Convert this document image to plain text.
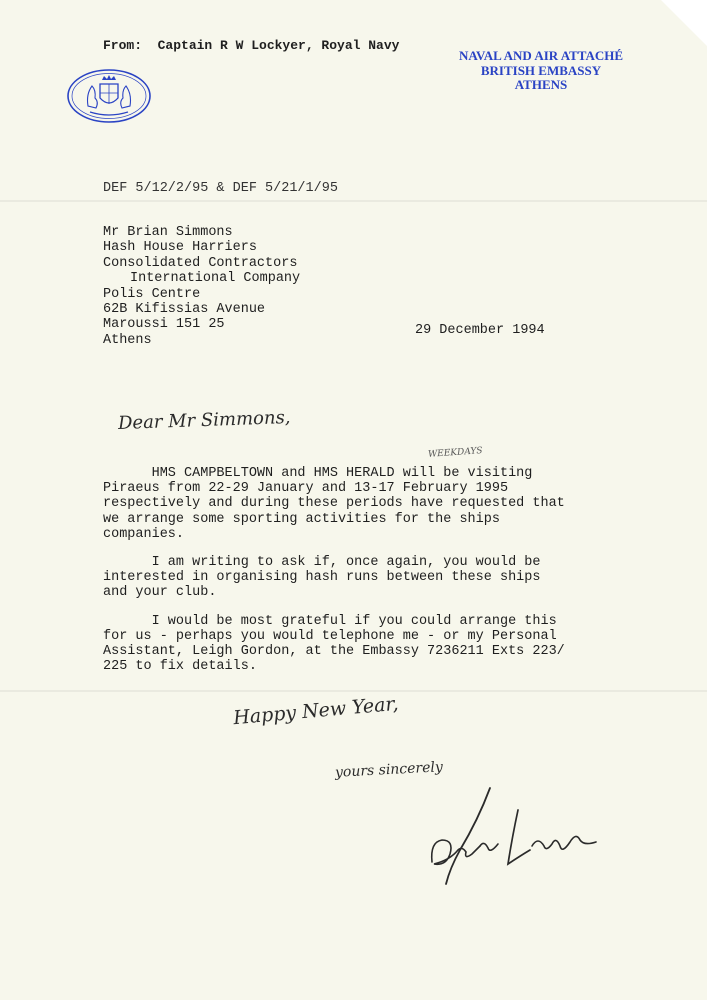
From:  Captain R W Lockyer, Royal Navy
NAVAL AND AIR ATTACHÉ
BRITISH EMBASSY
ATHENS
DEF 5/12/2/95 & DEF 5/21/1/95
Mr Brian Simmons
Hash House Harriers
Consolidated Contractors
International Company
Polis Centre
62B Kifissias Avenue
Maroussi 151 25
Athens
29 December 1994
Dear Mr Simmons,
WEEKDAYS
HMS CAMPBELTOWN and HMS HERALD will be visiting
Piraeus from 22-29 January and 13-17 February 1995
respectively and during these periods have requested that
we arrange some sporting activities for the ships
companies.
I am writing to ask if, once again, you would be
interested in organising hash runs between these ships
and your club.
I would be most grateful if you could arrange this
for us - perhaps you would telephone me - or my Personal
Assistant, Leigh Gordon, at the Embassy 7236211 Exts 223/
225 to fix details.
Happy New Year,
yours sincerely
